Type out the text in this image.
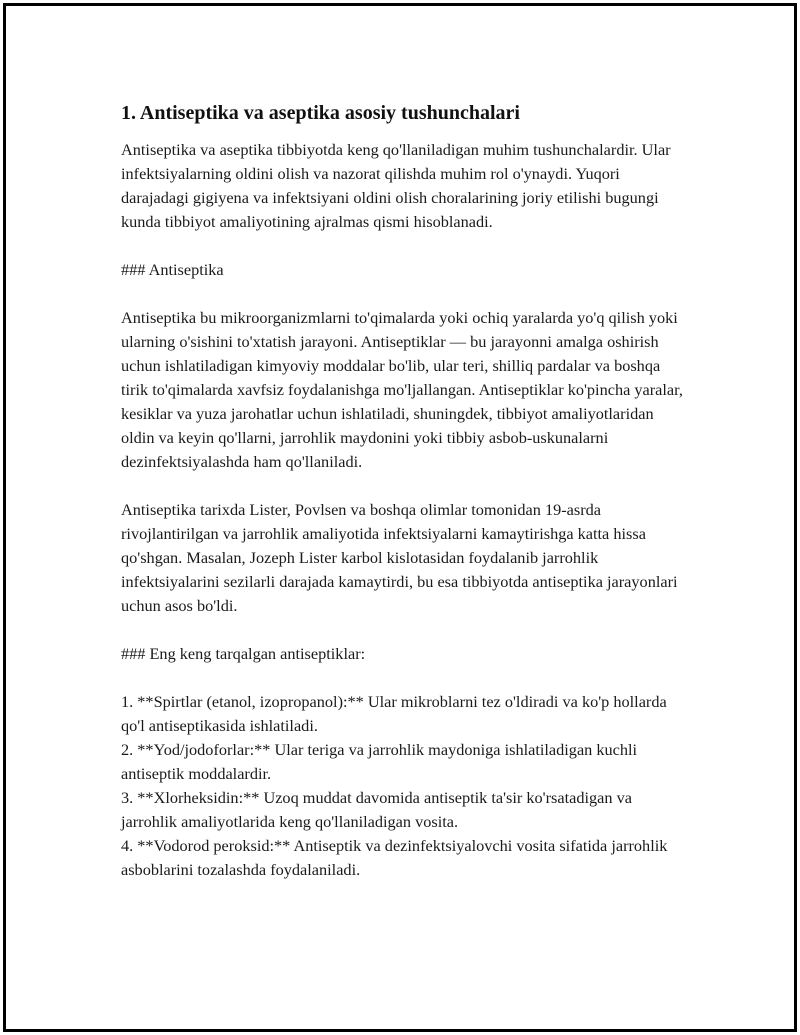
1. Antiseptika va aseptika asosiy tushunchalari

Antiseptika va aseptika tibbiyotda keng qo'llaniladigan muhim tushunchalardir. Ular infektsiyalarning oldini olish va nazorat qilishda muhim rol o'ynaydi. Yuqori darajadagi gigiyena va infektsiyani oldini olish choralarining joriy etilishi bugungi kunda tibbiyot amaliyotining ajralmas qismi hisoblanadi.

### Antiseptika

Antiseptika bu mikroorganizmlarni to'qimalarda yoki ochiq yaralarda yo'q qilish yoki ularning o'sishini to'xtatish jarayoni. Antiseptiklar — bu jarayonni amalga oshirish uchun ishlatiladigan kimyoviy moddalar bo'lib, ular teri, shilliq pardalar va boshqa tirik to'qimalarda xavfsiz foydalanishga mo'ljallangan. Antiseptiklar ko'pincha yaralar, kesiklar va yuza jarohatlar uchun ishlatiladi, shuningdek, tibbiyot amaliyotlaridan oldin va keyin qo'llarni, jarrohlik maydonini yoki tibbiy asbob-uskunalarni dezinfektsiyalashda ham qo'llaniladi.

Antiseptika tarixda Lister, Povlsen va boshqa olimlar tomonidan 19-asrda rivojlantirilgan va jarrohlik amaliyotida infektsiyalarni kamaytirishga katta hissa qo'shgan. Masalan, Jozeph Lister karbol kislotasidan foydalanib jarrohlik infektsiyalarini sezilarli darajada kamaytirdi, bu esa tibbiyotda antiseptika jarayonlari uchun asos bo'ldi.

### Eng keng tarqalgan antiseptiklar:

1. **Spirtlar (etanol, izopropanol):** Ular mikroblarni tez o'ldiradi va ko'p hollarda qo'l antiseptikasida ishlatiladi.
2. **Yod/jodoforlar:** Ular teriga va jarrohlik maydoniga ishlatiladigan kuchli antiseptik moddalardir.
3. **Xlorheksidin:** Uzoq muddat davomida antiseptik ta'sir ko'rsatadigan va jarrohlik amaliyotlarida keng qo'llaniladigan vosita.
4. **Vodorod peroksid:** Antiseptik va dezinfektsiyalovchi vosita sifatida jarrohlik asboblarini tozalashda foydalaniladi.
